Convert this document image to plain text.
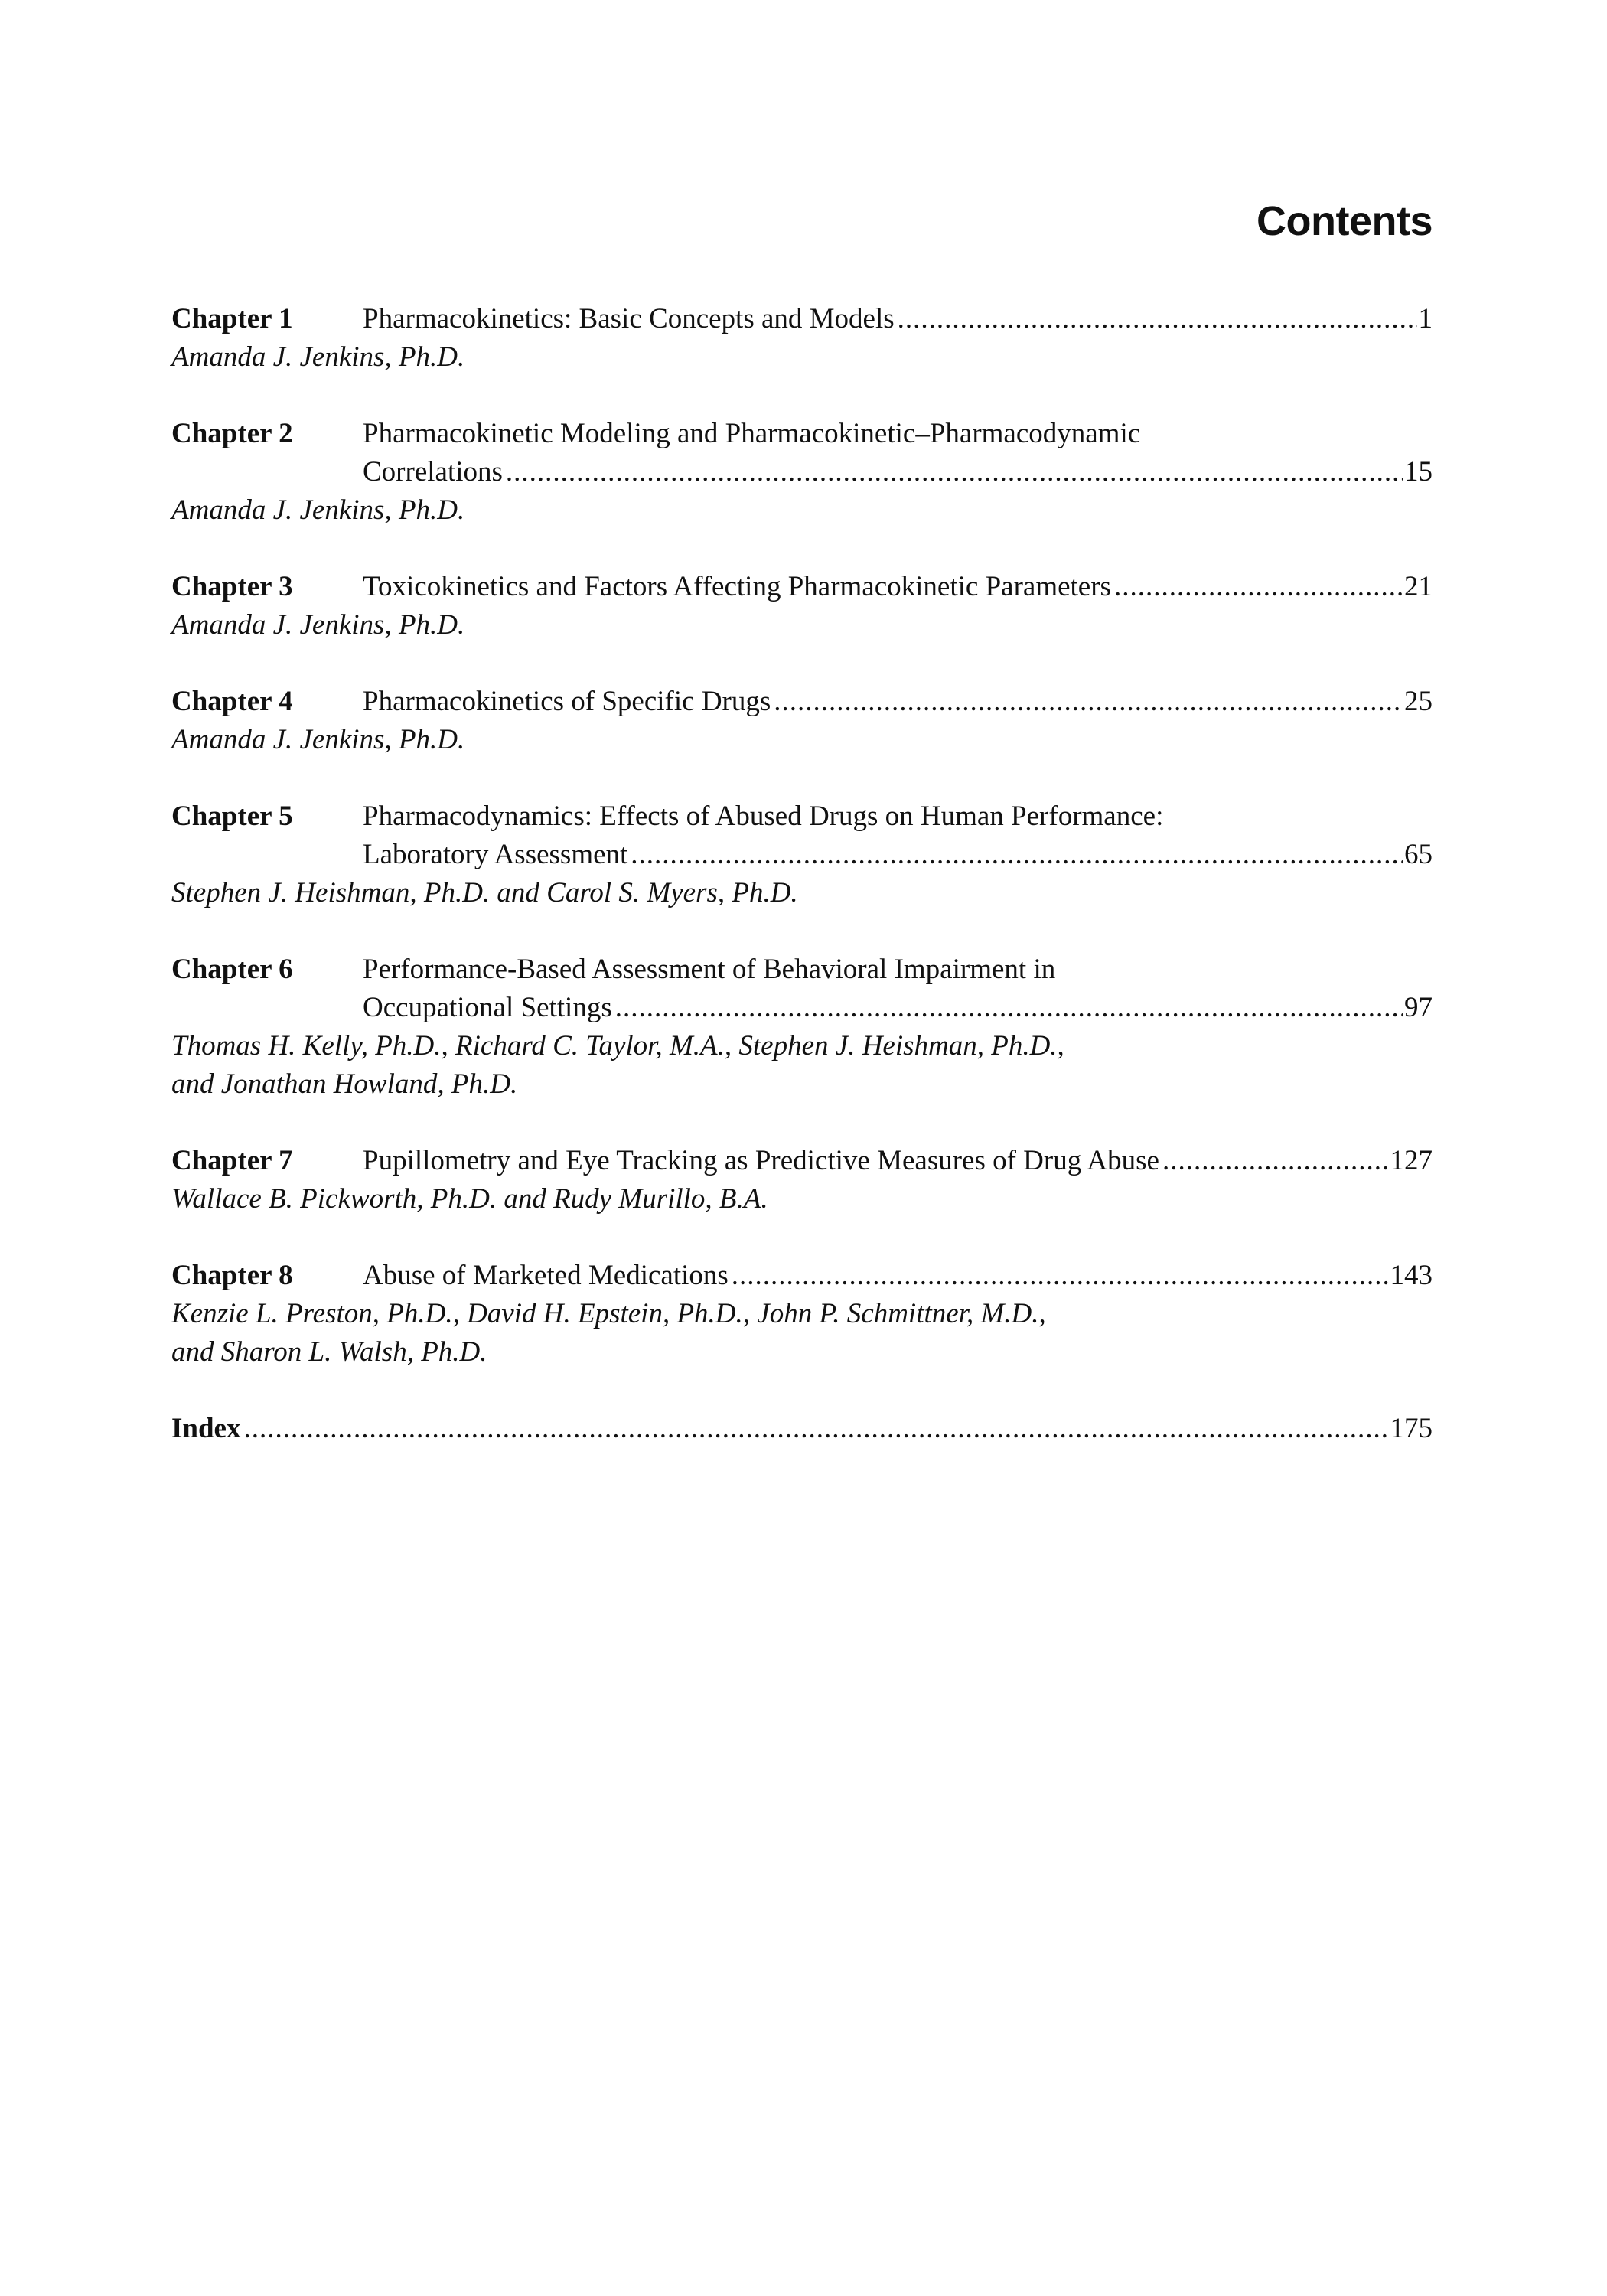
Contents
Chapter 1	Pharmacokinetics: Basic Concepts and Models .....	1
Amanda J. Jenkins, Ph.D.
Chapter 2	Pharmacokinetic Modeling and Pharmacokinetic–Pharmacodynamic
Correlations .....	15
Amanda J. Jenkins, Ph.D.
Chapter 3	Toxicokinetics and Factors Affecting Pharmacokinetic Parameters .....	21
Amanda J. Jenkins, Ph.D.
Chapter 4	Pharmacokinetics of Specific Drugs .....	25
Amanda J. Jenkins, Ph.D.
Chapter 5	Pharmacodynamics: Effects of Abused Drugs on Human Performance:
Laboratory Assessment .....	65
Stephen J. Heishman, Ph.D. and Carol S. Myers, Ph.D.
Chapter 6	Performance-Based Assessment of Behavioral Impairment in
Occupational Settings .....	97
Thomas H. Kelly, Ph.D., Richard C. Taylor, M.A., Stephen J. Heishman, Ph.D.,
and Jonathan Howland, Ph.D.
Chapter 7	Pupillometry and Eye Tracking as Predictive Measures of Drug Abuse .....	127
Wallace B. Pickworth, Ph.D. and Rudy Murillo, B.A.
Chapter 8	Abuse of Marketed Medications .....	143
Kenzie L. Preston, Ph.D., David H. Epstein, Ph.D., John P. Schmittner, M.D.,
and Sharon L. Walsh, Ph.D.
Index .....	175
